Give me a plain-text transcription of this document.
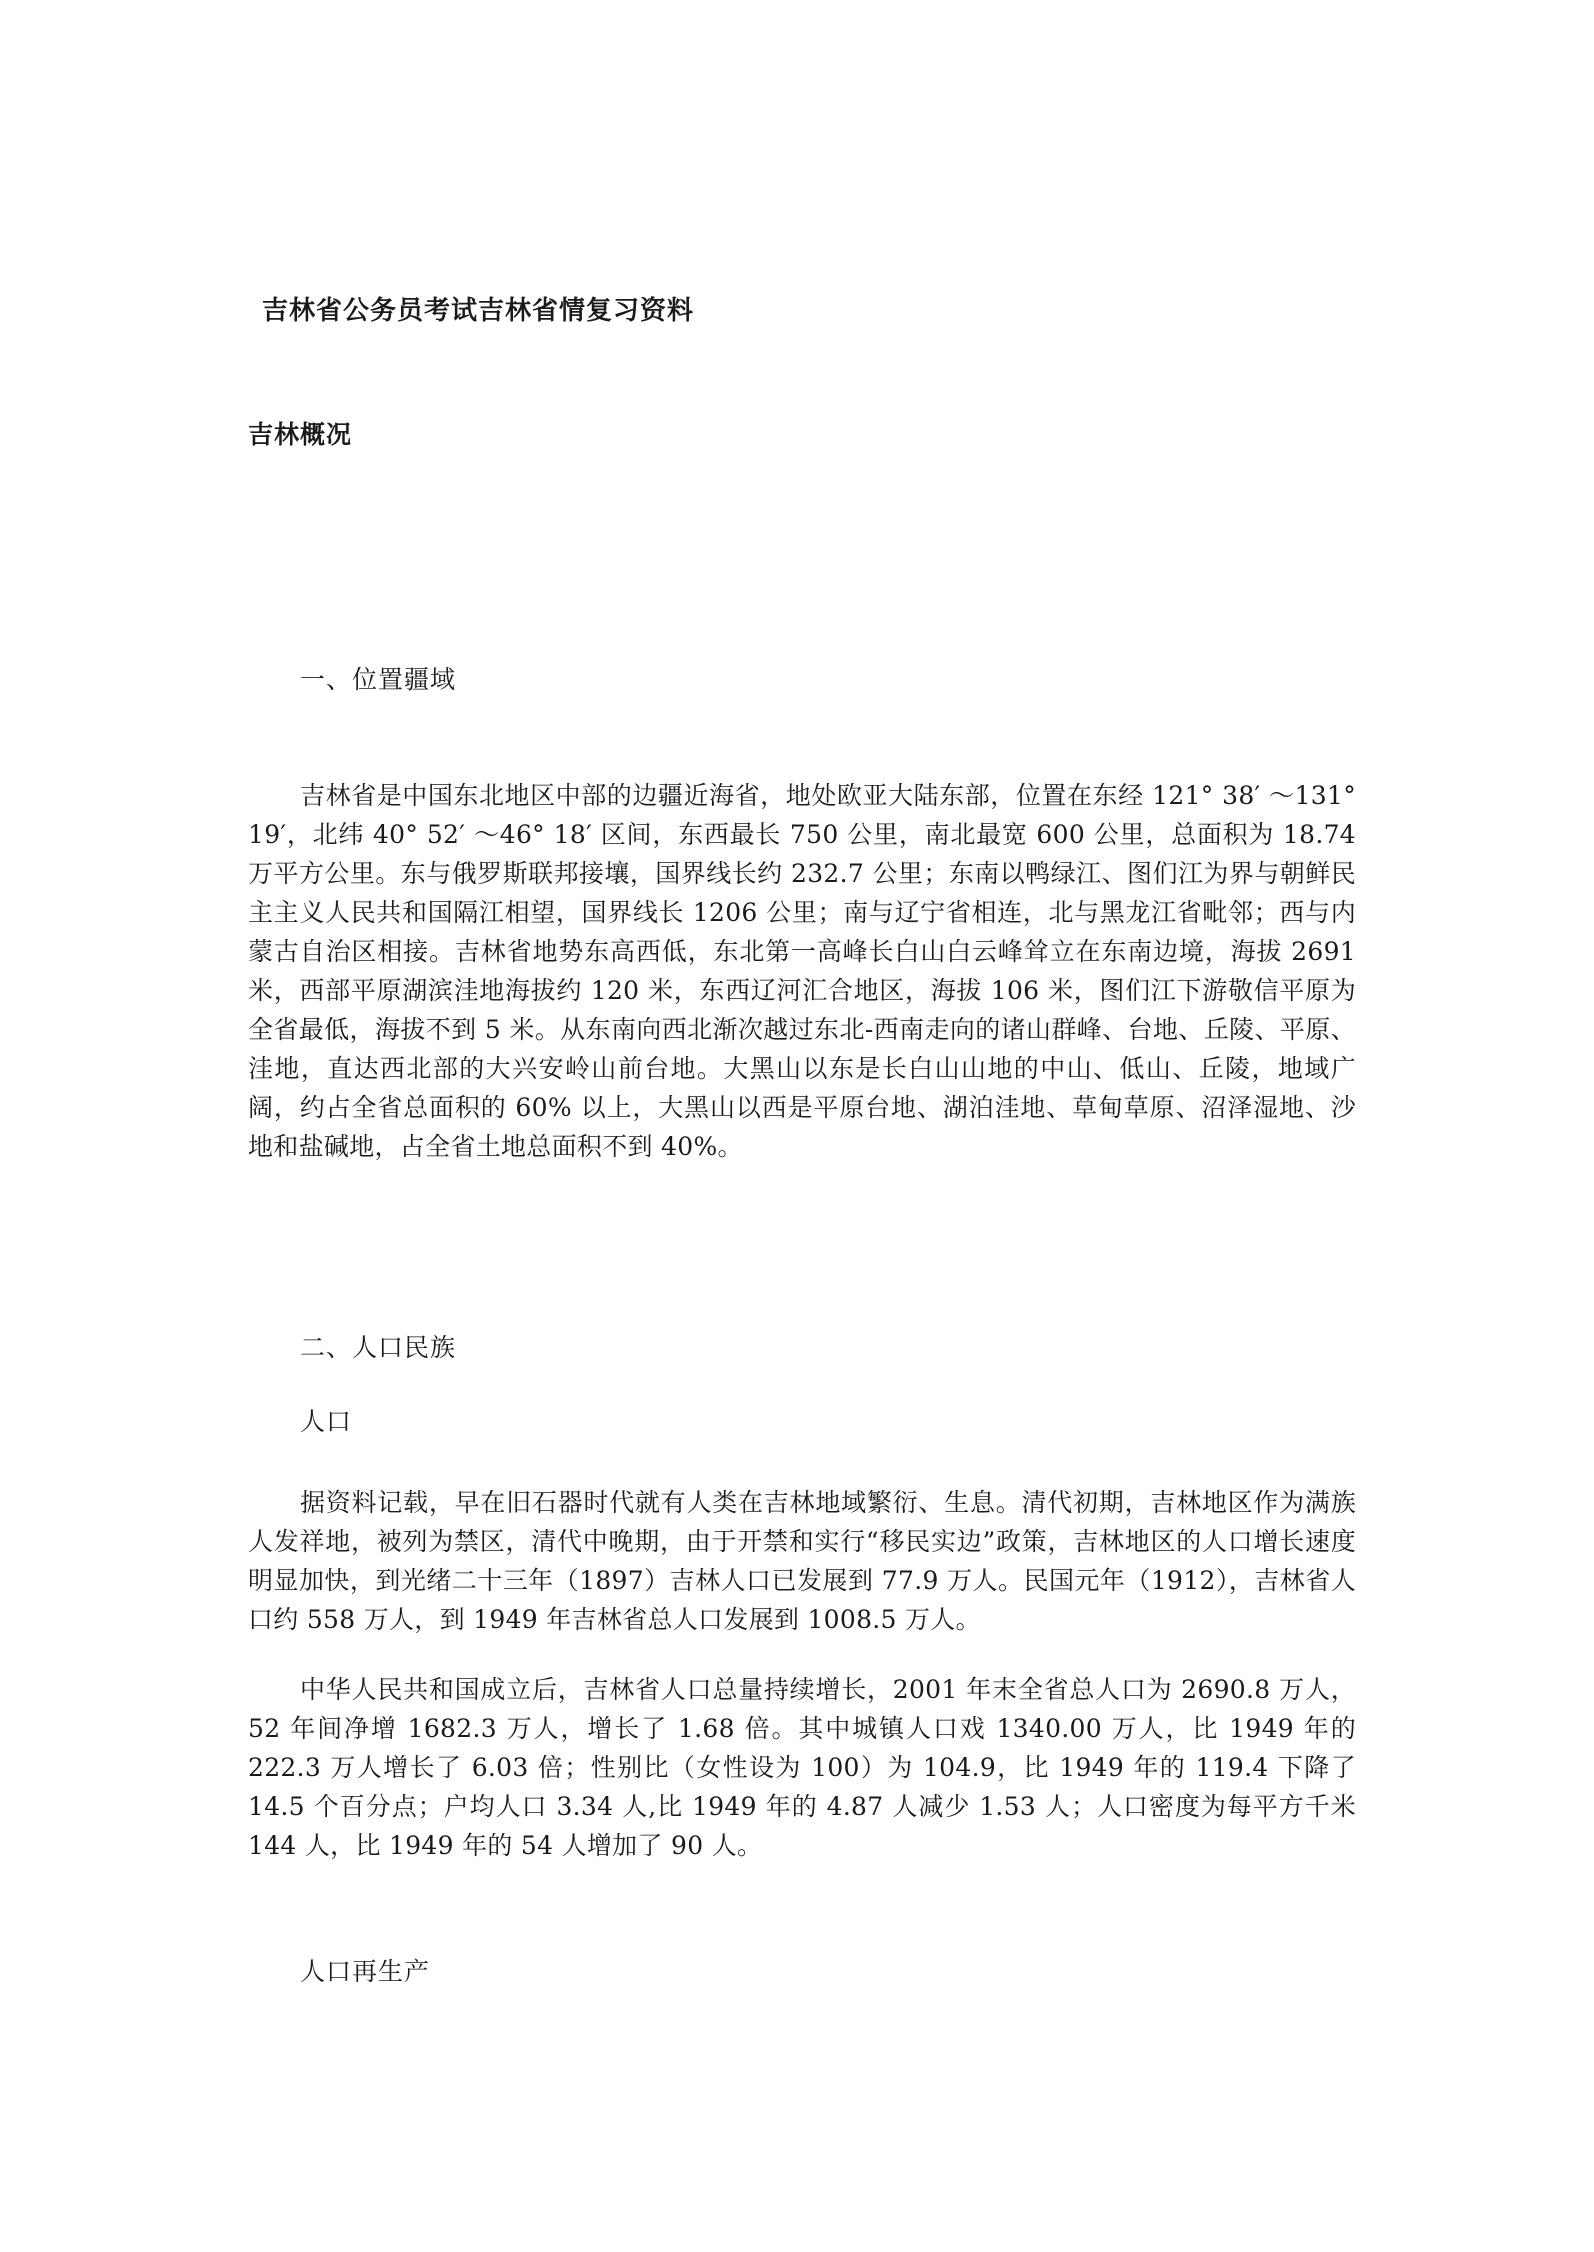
吉林省公务员考试吉林省情复习资料
吉林概况
一、位置疆域

吉林省是中国东北地区中部的边疆近海省，地处欧亚大陆东部，位置在东经 121° 38′ ～131° 19′，北纬 40° 52′ ～46° 18′ 区间，东西最长 750 公里，南北最宽 600 公里，总面积为 18.74 万平方公里。东与俄罗斯联邦接壤，国界线长约 232.7 公里；东南以鸭绿江、图们江为界与朝鲜民主主义人民共和国隔江相望，国界线长 1206 公里；南与辽宁省相连，北与黑龙江省毗邻；西与内蒙古自治区相接。吉林省地势东高西低，东北第一高峰长白山白云峰耸立在东南边境，海拔 2691 米，西部平原湖滨洼地海拔约 120 米，东西辽河汇合地区，海拔 106 米，图们江下游敬信平原为全省最低，海拔不到 5 米。从东南向西北渐次越过东北-西南走向的诸山群峰、台地、丘陵、平原、洼地，直达西北部的大兴安岭山前台地。大黑山以东是长白山山地的中山、低山、丘陵，地域广阔，约占全省总面积的 60% 以上，大黑山以西是平原台地、湖泊洼地、草甸草原、沼泽湿地、沙地和盐碱地，占全省土地总面积不到 40%。

二、人口民族
人口

据资料记载，早在旧石器时代就有人类在吉林地域繁衍、生息。清代初期，吉林地区作为满族人发祥地，被列为禁区，清代中晚期，由于开禁和实行“移民实边”政策，吉林地区的人口增长速度明显加快，到光绪二十三年（1897）吉林人口已发展到 77.9 万人。民国元年（1912），吉林省人口约 558 万人，到 1949 年吉林省总人口发展到 1008.5 万人。

中华人民共和国成立后，吉林省人口总量持续增长，2001 年末全省总人口为 2690.8 万人，52 年间净增 1682.3 万人，增长了 1.68 倍。其中城镇人口戏 1340.00 万人，比 1949 年的 222.3 万人增长了 6.03 倍；性别比（女性设为 100）为 104.9，比 1949 年的 119.4 下降了 14.5 个百分点；户均人口 3.34 人,比 1949 年的 4.87 人减少 1.53 人；人口密度为每平方千米 144 人，比 1949 年的 54 人增加了 90 人。

人口再生产
